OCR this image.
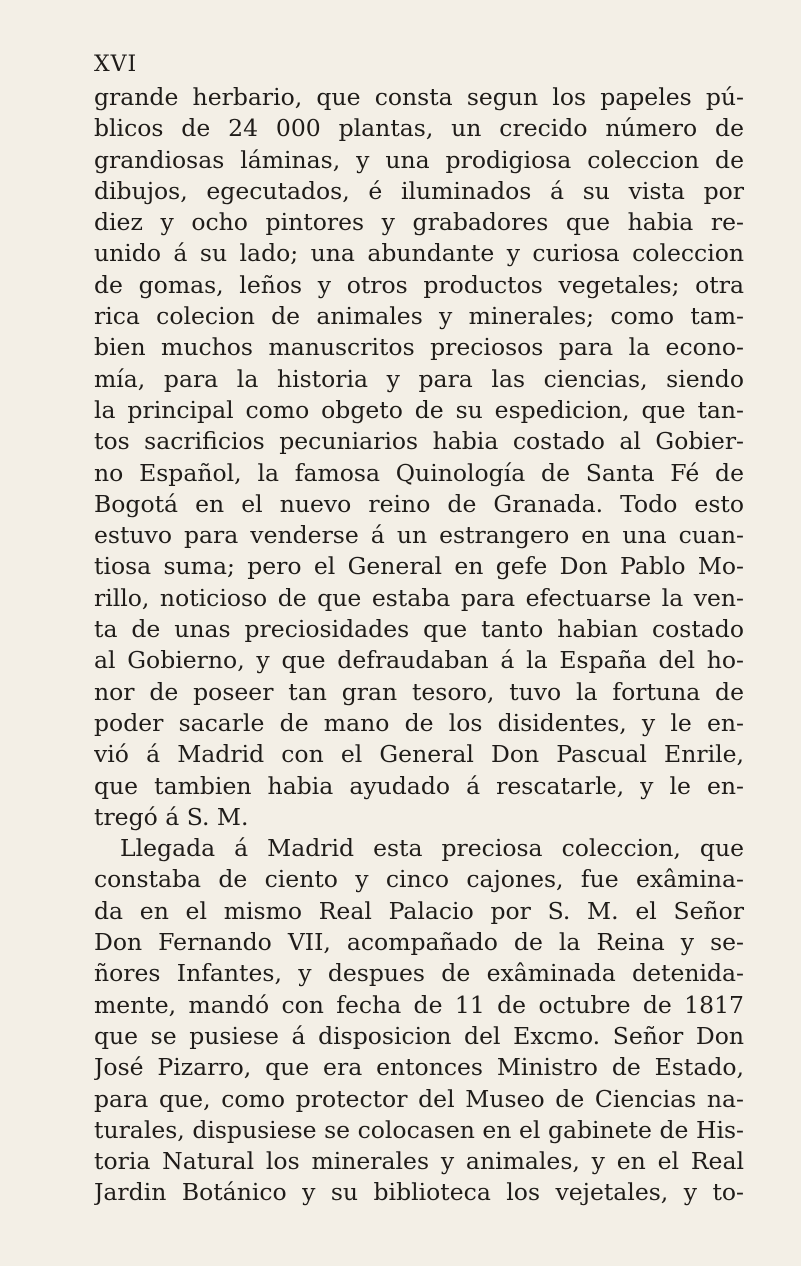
XVI
grande herbario, que consta segun los papeles pú-
blicos de 24 000 plantas, un crecido número de
grandiosas láminas, y una prodigiosa coleccion de
dibujos, egecutados, é iluminados á su vista por
diez y ocho pintores y grabadores que habia re-
unido á su lado; una abundante y curiosa coleccion
de gomas, leños y otros productos vegetales; otra
rica colecion de animales y minerales; como tam-
bien muchos manuscritos preciosos para la econo-
mía, para la historia y para las ciencias, siendo
la principal como obgeto de su espedicion, que tan-
tos sacrificios pecuniarios habia costado al Gobier-
no Español, la famosa Quinología de Santa Fé de
Bogotá en el nuevo reino de Granada. Todo esto
estuvo para venderse á un estrangero en una cuan-
tiosa suma; pero el General en gefe Don Pablo Mo-
rillo, noticioso de que estaba para efectuarse la ven-
ta de unas preciosidades que tanto habian costado
al Gobierno, y que defraudaban á la España del ho-
nor de poseer tan gran tesoro, tuvo la fortuna de
poder sacarle de mano de los disidentes, y le en-
vió á Madrid con el General Don Pascual Enrile,
que tambien habia ayudado á rescatarle, y le en-
tregó á S. M.
Llegada á Madrid esta preciosa coleccion, que
constaba de ciento y cinco cajones, fue exâmina-
da en el mismo Real Palacio por S. M. el Señor
Don Fernando VII, acompañado de la Reina y se-
ñores Infantes, y despues de exâminada detenida-
mente, mandó con fecha de 11 de octubre de 1817
que se pusiese á disposicion del Excmo. Señor Don
José Pizarro, que era entonces Ministro de Estado,
para que, como protector del Museo de Ciencias na-
turales, dispusiese se colocasen en el gabinete de His-
toria Natural los minerales y animales, y en el Real
Jardin Botánico y su biblioteca los vejetales, y to-
